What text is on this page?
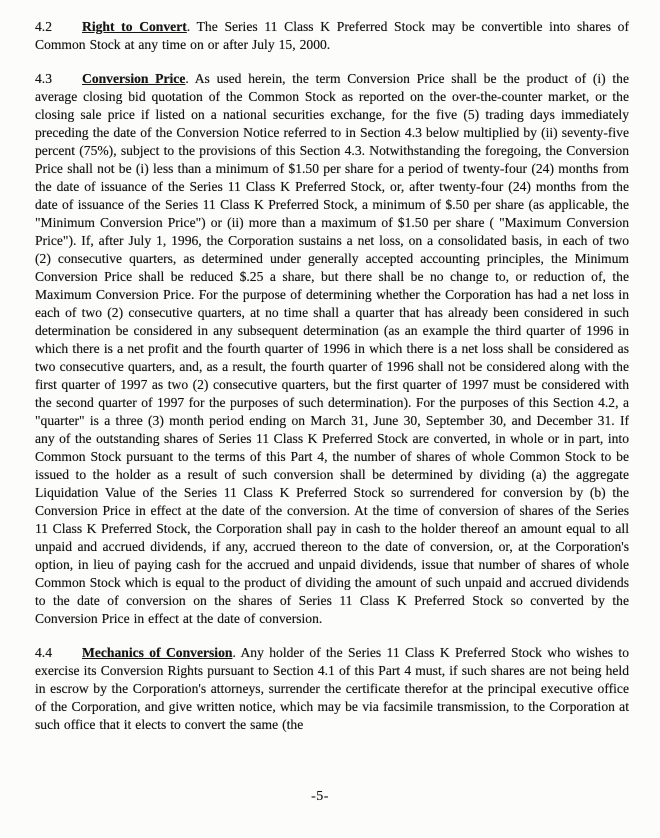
4.2 Right to Convert. The Series 11 Class K Preferred Stock may be convertible into shares of Common Stock at any time on or after July 15, 2000.

4.3 Conversion Price. As used herein, the term Conversion Price shall be the product of (i) the average closing bid quotation of the Common Stock as reported on the over-the-counter market, or the closing sale price if listed on a national securities exchange, for the five (5) trading days immediately preceding the date of the Conversion Notice referred to in Section 4.3 below multiplied by (ii) seventy-five percent (75%), subject to the provisions of this Section 4.3. Notwithstanding the foregoing, the Conversion Price shall not be (i) less than a minimum of $1.50 per share for a period of twenty-four (24) months from the date of issuance of the Series 11 Class K Preferred Stock, or, after twenty-four (24) months from the date of issuance of the Series 11 Class K Preferred Stock, a minimum of $.50 per share (as applicable, the "Minimum Conversion Price") or (ii) more than a maximum of $1.50 per share ( "Maximum Conversion Price"). If, after July 1, 1996, the Corporation sustains a net loss, on a consolidated basis, in each of two (2) consecutive quarters, as determined under generally accepted accounting principles, the Minimum Conversion Price shall be reduced $.25 a share, but there shall be no change to, or reduction of, the Maximum Conversion Price. For the purpose of determining whether the Corporation has had a net loss in each of two (2) consecutive quarters, at no time shall a quarter that has already been considered in such determination be considered in any subsequent determination (as an example the third quarter of 1996 in which there is a net profit and the fourth quarter of 1996 in which there is a net loss shall be considered as two consecutive quarters, and, as a result, the fourth quarter of 1996 shall not be considered along with the first quarter of 1997 as two (2) consecutive quarters, but the first quarter of 1997 must be considered with the second quarter of 1997 for the purposes of such determination). For the purposes of this Section 4.2, a "quarter" is a three (3) month period ending on March 31, June 30, September 30, and December 31. If any of the outstanding shares of Series 11 Class K Preferred Stock are converted, in whole or in part, into Common Stock pursuant to the terms of this Part 4, the number of shares of whole Common Stock to be issued to the holder as a result of such conversion shall be determined by dividing (a) the aggregate Liquidation Value of the Series 11 Class K Preferred Stock so surrendered for conversion by (b) the Conversion Price in effect at the date of the conversion. At the time of conversion of shares of the Series 11 Class K Preferred Stock, the Corporation shall pay in cash to the holder thereof an amount equal to all unpaid and accrued dividends, if any, accrued thereon to the date of conversion, or, at the Corporation's option, in lieu of paying cash for the accrued and unpaid dividends, issue that number of shares of whole Common Stock which is equal to the product of dividing the amount of such unpaid and accrued dividends to the date of conversion on the shares of Series 11 Class K Preferred Stock so converted by the Conversion Price in effect at the date of conversion.

4.4 Mechanics of Conversion. Any holder of the Series 11 Class K Preferred Stock who wishes to exercise its Conversion Rights pursuant to Section 4.1 of this Part 4 must, if such shares are not being held in escrow by the Corporation's attorneys, surrender the certificate therefor at the principal executive office of the Corporation, and give written notice, which may be via facsimile transmission, to the Corporation at such office that it elects to convert the same (the

-5-
